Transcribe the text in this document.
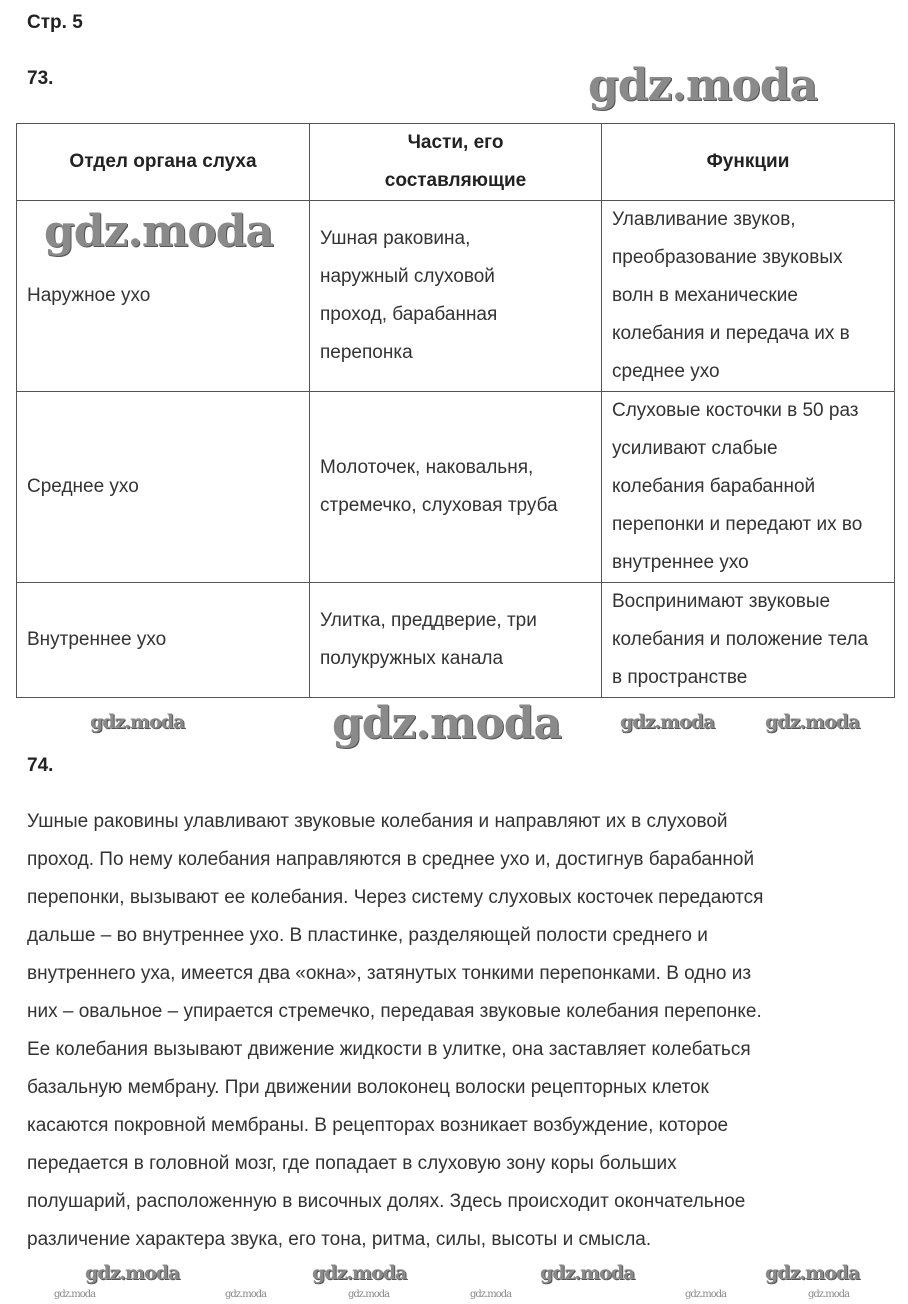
Стр. 5
73.
Отдел органа слуха	Части, его составляющие	Функции
Наружное ухо	Ушная раковина, наружный слуховой проход, барабанная перепонка	Улавливание звуков, преобразование звуковых волн в механические колебания и передача их в среднее ухо
Среднее ухо	Молоточек, наковальня, стремечко, слуховая труба	Слуховые косточки в 50 раз усиливают слабые колебания барабанной перепонки и передают их во внутреннее ухо
Внутреннее ухо	Улитка, преддверие, три полукружных канала	Воспринимают звуковые колебания и положение тела в пространстве
74.
Ушные раковины улавливают звуковые колебания и направляют их в слуховой
проход. По нему колебания направляются в среднее ухо и, достигнув барабанной
перепонки, вызывают ее колебания. Через систему слуховых косточек передаются
дальше – во внутреннее ухо. В пластинке, разделяющей полости среднего и
внутреннего уха, имеется два «окна», затянутых тонкими перепонками. В одно из
них – овальное – упирается стремечко, передавая звуковые колебания перепонке.
Ее колебания вызывают движение жидкости в улитке, она заставляет колебаться
базальную мембрану. При движении волоконец волоски рецепторных клеток
касаются покровной мембраны. В рецепторах возникает возбуждение, которое
передается в головной мозг, где попадает в слуховую зону коры больших
полушарий, расположенную в височных долях. Здесь происходит окончательное
различение характера звука, его тона, ритма, силы, высоты и смысла.
gdz.moda
gdz.moda
gdz.moda
gdz.moda	gdz.moda	gdz.moda
gdz.moda	gdz.moda	gdz.moda	gdz.moda
gdz.moda	gdz.moda	gdz.moda	gdz.moda	gdz.moda	gdz.moda
